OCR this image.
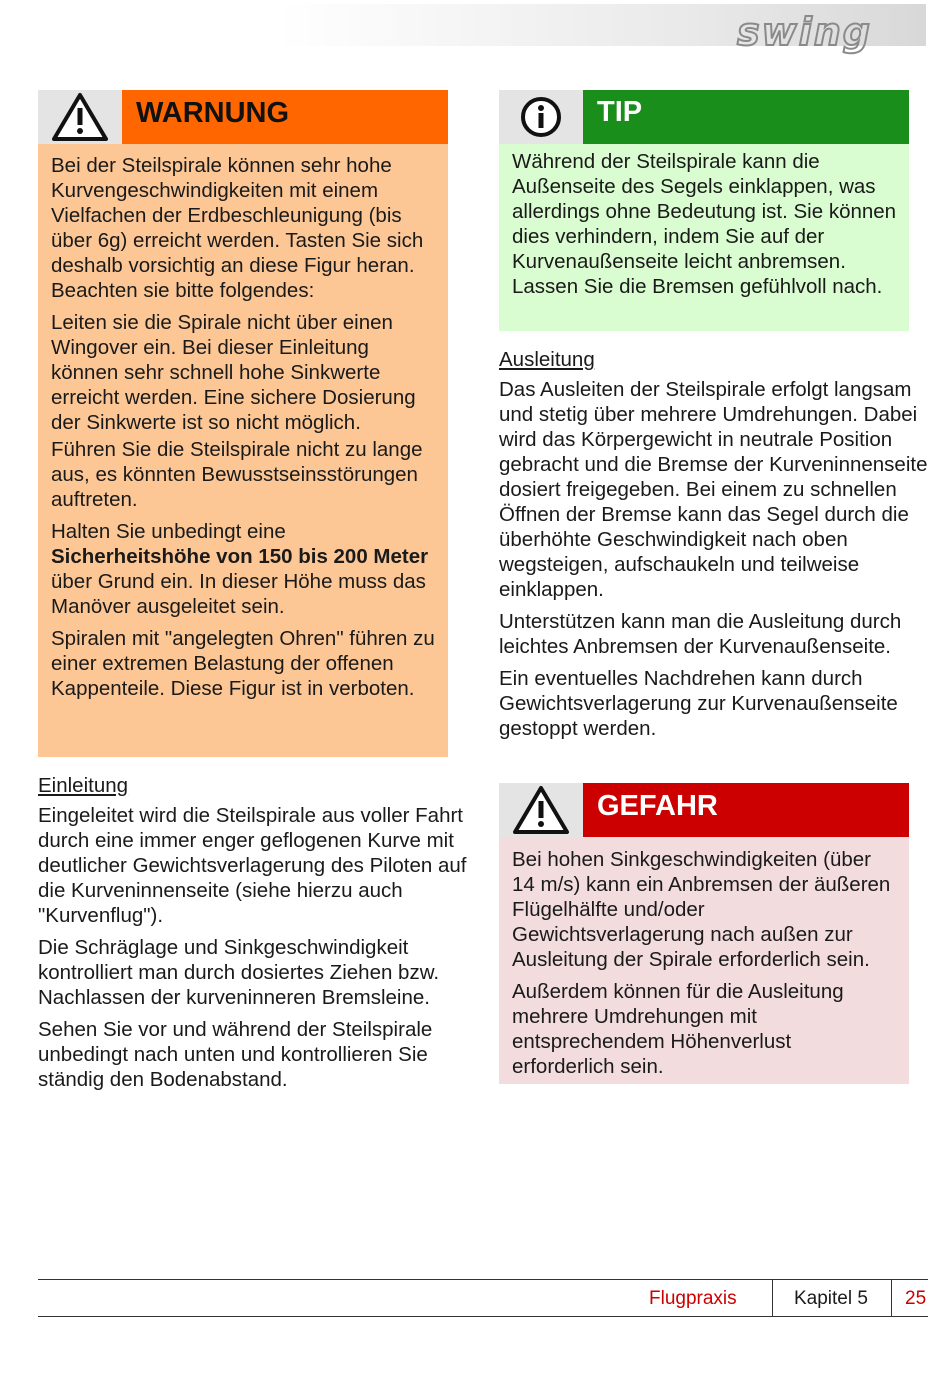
swing
WARNUNG

Bei der Steilspirale können sehr hohe Kurvengeschwindigkeiten mit einem Vielfachen der Erdbeschleunigung (bis über 6g) erreicht werden. Tasten Sie sich deshalb vorsichtig an diese Figur heran. Beachten sie bitte folgendes:

Leiten sie die Spirale nicht über einen Wingover ein. Bei dieser Einleitung können sehr schnell hohe Sinkwerte erreicht werden. Eine sichere Dosierung der Sinkwerte ist so nicht möglich.

Führen Sie die Steilspirale nicht zu lange aus, es könnten Bewusstseinsstörungen auftreten.

Halten Sie unbedingt eine Sicherheitshöhe von 150 bis 200 Meter über Grund ein. In dieser Höhe muss das Manöver ausgeleitet sein.

Spiralen mit "angelegten Ohren" führen zu einer extremen Belastung der offenen Kappenteile. Diese Figur ist in verboten.

Einleitung

Eingeleitet wird die Steilspirale aus voller Fahrt durch eine immer enger geflogenen Kurve mit deutlicher Gewichtsverlagerung des Piloten auf die Kurveninnenseite (siehe hierzu auch "Kurvenflug").

Die Schräglage und Sinkgeschwindigkeit kontrolliert man durch dosiertes Ziehen bzw. Nachlassen der kurveninneren Bremsleine.

Sehen Sie vor und während der Steilspirale unbedingt nach unten und kontrollieren Sie ständig den Bodenabstand.

TIP

Während der Steilspirale kann die Außenseite des Segels einklappen, was allerdings ohne Bedeutung ist. Sie können dies verhindern, indem Sie auf der Kurvenaußenseite leicht anbremsen. Lassen Sie die Bremsen gefühlvoll nach.

Ausleitung

Das Ausleiten der Steilspirale erfolgt langsam und stetig über mehrere Umdrehungen. Dabei wird das Körpergewicht in neutrale Position gebracht und die Bremse der Kurveninnenseite dosiert freigegeben. Bei einem zu schnellen Öffnen der Bremse kann das Segel durch die überhöhte Geschwindigkeit nach oben wegsteigen, aufschaukeln und teilweise einklappen.

Unterstützen kann man die Ausleitung durch leichtes Anbremsen der Kurvenaußenseite.

Ein eventuelles Nachdrehen kann durch Gewichtsverlagerung zur Kurvenaußenseite gestoppt werden.

GEFAHR

Bei hohen Sinkgeschwindigkeiten (über 14 m/s) kann ein Anbremsen der äußeren Flügelhälfte und/oder Gewichtsverlagerung nach außen zur Ausleitung der Spirale erforderlich sein.

Außerdem können für die Ausleitung mehrere Umdrehungen mit entsprechendem Höhenverlust erforderlich sein.

Flugpraxis	Kapitel 5 25
